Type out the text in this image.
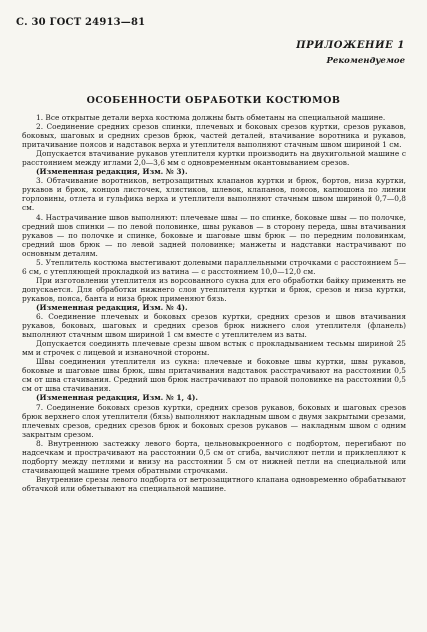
С. 30 ГОСТ 24913—81
ПРИЛОЖЕНИЕ 1
Рекомендуемое
ОСОБЕННОСТИ ОБРАБОТКИ КОСТЮМОВ

1. Все открытые детали верха костюма должны быть обметаны на специальной машине.

2. Соединение средних срезов спинки, плечевых и боковых срезов куртки, срезов рукавов, боковых, шаговых и средних срезов брюк, частей деталей, втачивание воротника и рукавов, притачивание поясов и надставок верха и утеплителя выполняют стачным швом шириной 1 см.

Допускается втачивание рукавов утеплителя куртки производить на двухигольной машине с расстоянием между иглами 2,0—3,6 мм с одновременным окантовыванием срезов.

(Измененная редакция, Изм. № 3).

3. Обтачивание воротников, ветрозащитных клапанов куртки и брюк, бортов, низа куртки, рукавов и брюк, концов листочек, хлястиков, шлевок, клапанов, поясов, капюшона по линии горловины, отлета и гульфика верха и утеплителя выполняют стачным швом шириной 0,7—0,8 см.

4. Настрачивание швов выполняют: плечевые швы — по спинке, боковые швы — по полочке, средний шов спинки — по левой половинке, швы рукавов — в сторону переда, швы втачивания рукавов — по полочке и спинке, боковые и шаговые швы брюк — по передним половинкам, средний шов брюк — по левой задней половинке; манжеты и надставки настрачивают по основным деталям.

5. Утеплитель костюма выстегивают долевыми параллельными строчками с расстоянием 5—6 см, с утепляющей прокладкой из ватина — с расстоянием 10,0—12,0 см.

При изготовлении утеплителя из ворсованного сукна для его обработки байку применять не допускается. Для обработки нижнего слоя утеплителя куртки и брюк, срезов и низа куртки, рукавов, пояса, банта и низа брюк применяют бязь.

(Измененная редакция, Изм. № 4).

6. Соединение плечевых и боковых срезов куртки, средних срезов и швов втачивания рукавов, боковых, шаговых и средних срезов брюк нижнего слоя утеплителя (фланель) выполняют стачным швом шириной 1 см вместе с утеплителем из ваты.

Допускается соединять плечевые срезы швом встык с прокладыванием тесьмы шириной 25 мм и строчек с лицевой и изнаночной стороны.

Швы соединения утеплителя из сукна: плечевые и боковые швы куртки, швы рукавов, боковые и шаговые швы брюк, швы притачивания надставок расстрачивают на расстоянии 0,5 см от шва стачивания. Средний шов брюк настрачивают по правой половинке на расстоянии 0,5 см от шва стачивания.

(Измененная редакция, Изм. № 1, 4).

7. Соединение боковых срезов куртки, средних срезов рукавов, боковых и шаговых срезов брюк верхнего слоя утеплителя (бязь) выполняют накладным швом с двумя закрытыми срезами, плечевых срезов, средних срезов брюк и боковых срезов рукавов — накладным швом с одним закрытым срезом.

8. Внутреннюю застежку левого борта, цельновыкроенного с подбортом, перегибают по надсечкам и прострачивают на расстоянии 0,5 см от сгиба, вычисляют петли и приклепляют к подборту между петлями и внизу на расстоянии 5 см от нижней петли на специальной или стачивающей машине тремя обратными строчками.

Внутренние срезы левого подборта от ветрозащитного клапана одновременно обрабатывают обтачкой или обметывают на специальной машине.
